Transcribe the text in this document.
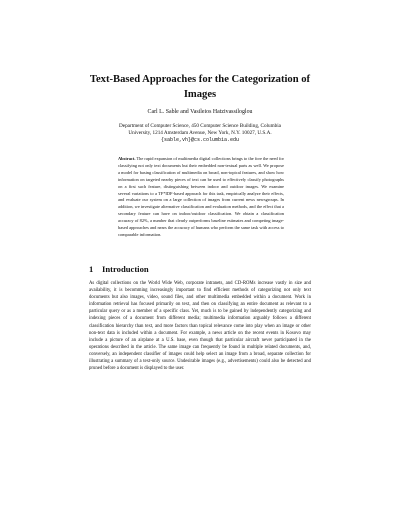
Text-Based Approaches for the Categorization of
Images
Carl L. Sable and Vasileios Hatzivassiloglou
Department of Computer Science, 450 Computer Science Building, Columbia
University, 1214 Amsterdam Avenue, New York, N.Y. 10027, U.S.A.
{sable,vh}@cs.columbia.edu
Abstract. The rapid expansion of multimedia digital collections brings to the fore the need for classifying not only text documents but their embedded non-textual parts as well. We propose a model for basing classification of multimedia on broad, non-topical features, and show how information on targeted nearby pieces of text can be used to effectively classify photographs on a first such feature, distinguishing between indoor and outdoor images. We examine several variations to a TF*IDF-based approach for this task, empirically analyze their effects, and evaluate our system on a large collection of images from current news newsgroups. In addition, we investigate alternative classification and evaluation methods, and the effect that a secondary feature can have on indoor/outdoor classification. We obtain a classification accuracy of 82%, a number that clearly outperforms baseline estimates and competing image-based approaches and nears the accuracy of humans who perform the same task with access to comparable information.
1 Introduction
As digital collections on the World Wide Web, corporate intranets, and CD-ROMs increase vastly in size and availability, it is becomming increasingly important to find efficient methods of categorizing not only text documents but also images, video, sound files, and other multimedia embedded within a document. Work in information retrieval has focused primarily on text, and then on classifying an entire document as relevant to a particular query or as a member of a specific class. Yet, much is to be gained by independently categorizing and indexing pieces of a document from different media; multimedia information arguably follows a different classification hierarchy than text, and more factors than topical relevance come into play when an image or other non-text data is included within a document. For example, a news article on the recent events in Kosovo may include a picture of an airplane at a U.S. base, even though that particular aircraft never participated in the operations described in the article. The same image can frequently be found in multiple related documents, and, conversely, an independent classifier of images could help select an image from a broad, separate collection for illustrating a summary of a text-only source. Undesirable images (e.g., advertisements) could also be detected and pruned before a document is displayed to the user.
